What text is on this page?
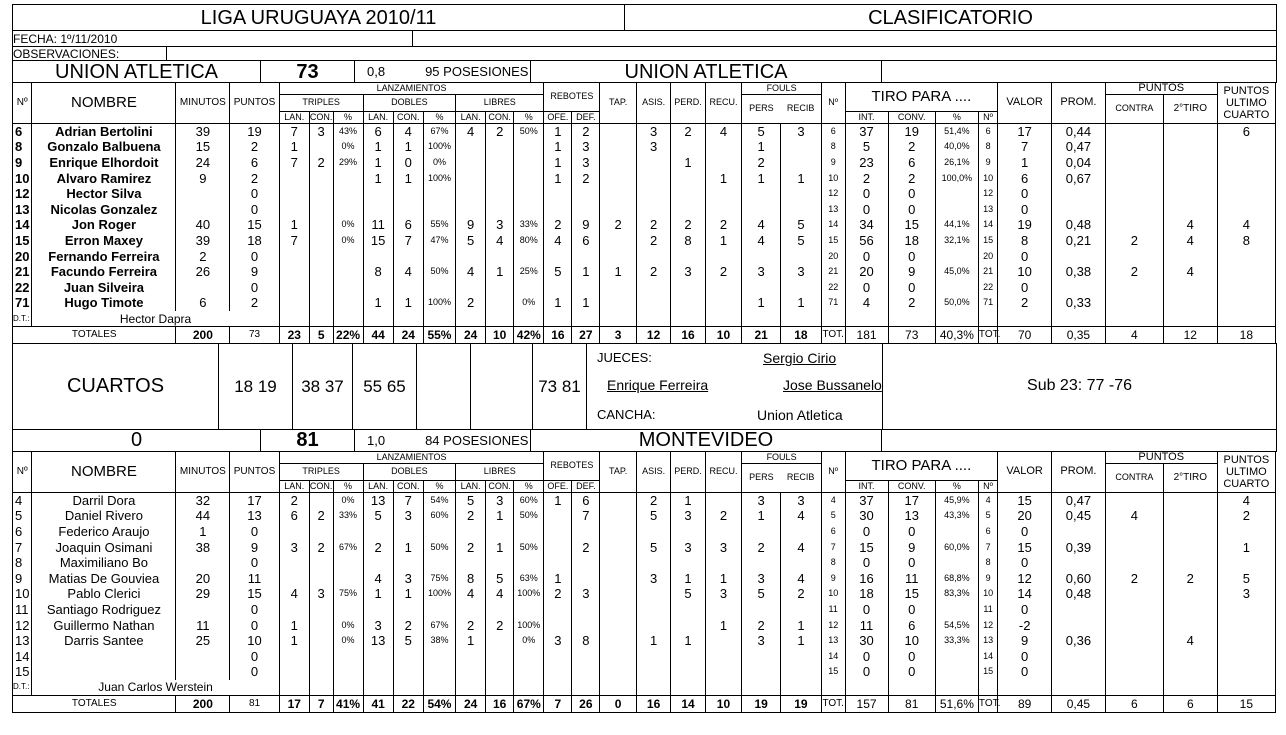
LIGA URUGUAYA 2010/11	CLASIFICATORIO
FECHA: 1º/11/2010	
OBSERVACIONES:	
UNION ATLETICA	73	0,8	95 POSESIONES	UNION ATLETICA	
Nº	NOMBRE	MINUTOS	PUNTOS	LANZAMIENTOS									REBOTES		TAP.	ASIS.	PERD.	RECU.	FOULS		Nº	TIRO PARA ....				VALOR	PROM.	PUNTOS		PUNTOS
ULTIMO
CUARTO
				TRIPLES			DOBLES			LIBRES									PERS	RECIB								CONTRA	2°TIRO	
				LAN.	CON.	%	LAN.	CON.	%	LAN.	CON.	%	OFE.	DEF.								INT.	CONV.	%	Nº					
6	Adrian Bertolini	39	19	7	3	43%	6	4	67%	4	2	50%	1	2		3	2	4	5	3	6	37	19	51,4%	6	17	0,44			6
8	Gonzalo Balbuena	15	2	1		0%	1	1	100%				1	3		3			1		8	5	2	40,0%	8	7	0,47			
9	Enrique Elhordoit	24	6	7	2	29%	1	0	0%				1	3			1		2		9	23	6	26,1%	9	1	0,04			
10	Alvaro Ramirez	9	2				1	1	100%				1	2				1	1	1	10	2	2	100,0%	10	6	0,67			
12	Hector Silva		0																		12	0	0		12	0				
13	Nicolas Gonzalez		0																		13	0	0		13	0				
14	Jon Roger	40	15	1		0%	11	6	55%	9	3	33%	2	9	2	2	2	2	4	5	14	34	15	44,1%	14	19	0,48		4	4
15	Erron Maxey	39	18	7		0%	15	7	47%	5	4	80%	4	6		2	8	1	4	5	15	56	18	32,1%	15	8	0,21	2	4	8
20	Fernando Ferreira	2	0																		20	0	0		20	0				
21	Facundo Ferreira	26	9				8	4	50%	4	1	25%	5	1	1	2	3	2	3	3	21	20	9	45,0%	21	10	0,38	2	4	
22	Juan Silveira		0																		22	0	0		22	0				
71	Hugo Timote	6	2				1	1	100%	2		0%	1	1					1	1	71	4	2	50,0%	71	2	0,33			
D.T.:	Hector Dapra																													
TOTALES		200	73	23	5	22%	44	24	55%	24	10	42%	16	27	3	12	16	10	21	18	TOT.	181	73	40,3%	TOT.	70	0,35	4	12	18
CUARTOS	18 19	38 37	55 65			73 81	
JUECES:	Sergio Cirio
Enrique Ferreira	Jose Bussanelo
CANCHA:	Union Atletica
	Sub 23: 77 -76
0	81	1,0	84 POSESIONES	MONTEVIDEO	
Nº	NOMBRE	MINUTOS	PUNTOS	LANZAMIENTOS									REBOTES		TAP.	ASIS.	PERD.	RECU.	FOULS		Nº	TIRO PARA ....				VALOR	PROM.	PUNTOS		PUNTOS
ULTIMO
CUARTO
				TRIPLES			DOBLES			LIBRES									PERS	RECIB								CONTRA	2°TIRO	
				LAN.	CON.	%	LAN.	CON.	%	LAN.	CON.	%	OFE.	DEF.								INT.	CONV.	%	Nº					
4	Darril Dora	32	17	2		0%	13	7	54%	5	3	60%	1	6		2	1		3	3	4	37	17	45,9%	4	15	0,47			4
5	Daniel Rivero	44	13	6	2	33%	5	3	60%	2	1	50%		7		5	3	2	1	4	5	30	13	43,3%	5	20	0,45	4		2
6	Federico Araujo	1	0																		6	0	0		6	0				
7	Joaquin Osimani	38	9	3	2	67%	2	1	50%	2	1	50%		2		5	3	3	2	4	7	15	9	60,0%	7	15	0,39			1
8	Maximiliano Bo		0																		8	0	0		8	0				
9	Matias De Gouviea	20	11				4	3	75%	8	5	63%	1			3	1	1	3	4	9	16	11	68,8%	9	12	0,60	2	2	5
10	Pablo Clerici	29	15	4	3	75%	1	1	100%	4	4	100%	2	3			5	3	5	2	10	18	15	83,3%	10	14	0,48			3
11	Santiago Rodriguez		0																		11	0	0		11	0				
12	Guillermo Nathan	11	0	1		0%	3	2	67%	2	2	100%						1	2	1	12	11	6	54,5%	12	-2				
13	Darris Santee	25	10	1		0%	13	5	38%	1		0%	3	8		1	1		3	1	13	30	10	33,3%	13	9	0,36		4	
14			0																		14	0	0		14	0				
15			0																		15	0	0		15	0				
D.T.:	Juan Carlos Werstein																													
TOTALES		200	81	17	7	41%	41	22	54%	24	16	67%	7	26	0	16	14	10	19	19	TOT.	157	81	51,6%	TOT.	89	0,45	6	6	15
